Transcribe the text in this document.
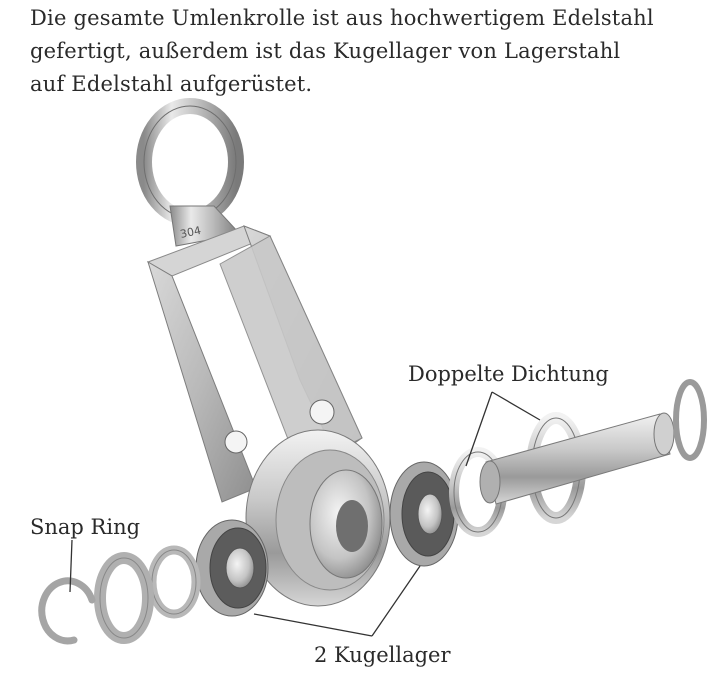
Die gesamte Umlenkrolle ist aus hochwertigem Edelstahl
gefertigt, außerdem ist das Kugellager von Lagerstahl
auf Edelstahl aufgerüstet.
304
Doppelte Dichtung
Snap Ring
2 Kugellager
